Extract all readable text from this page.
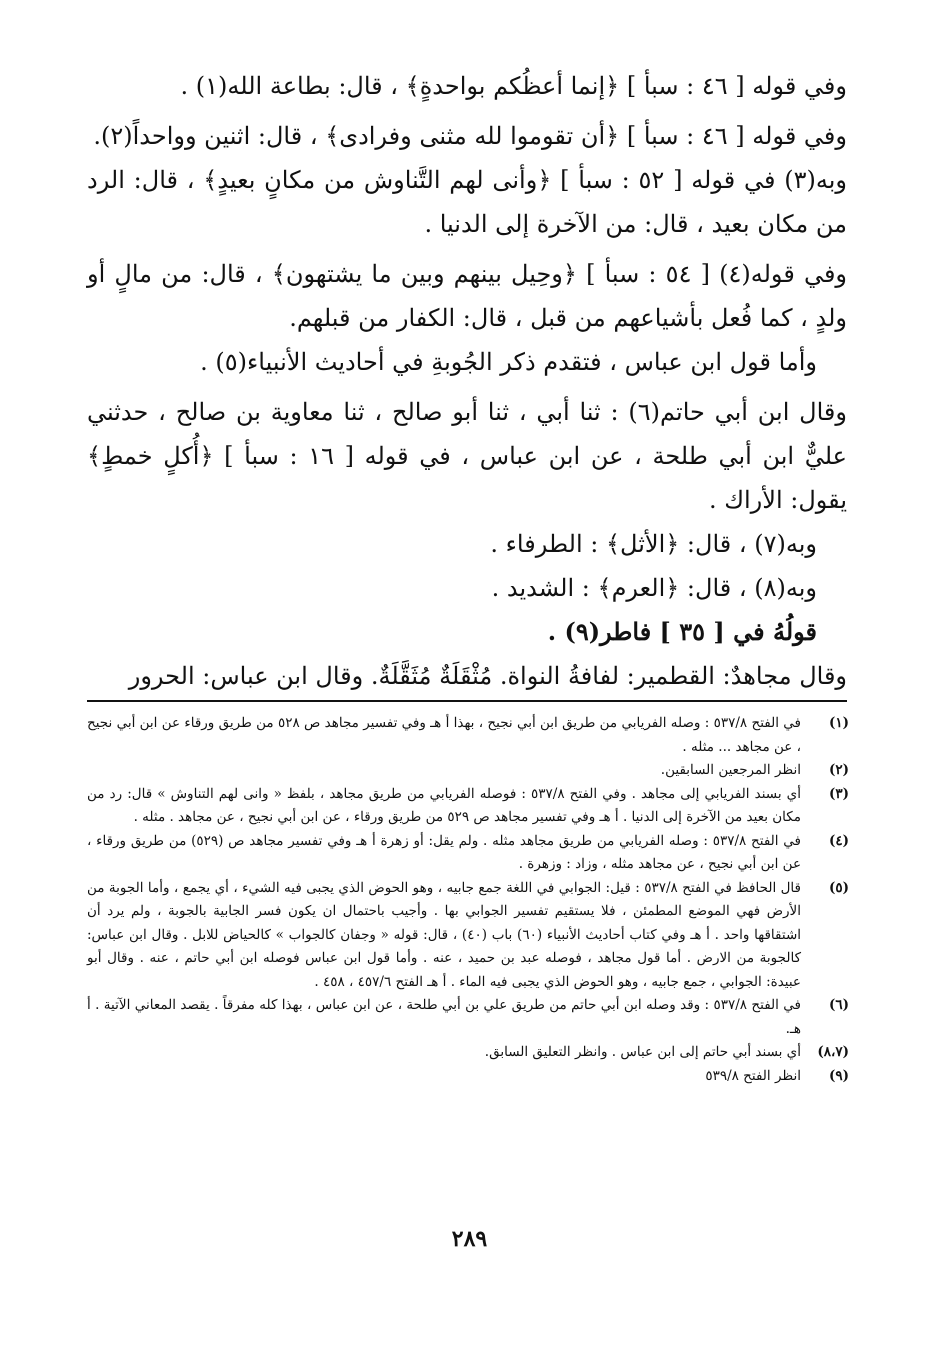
وفي قوله [ ٤٦ : سبأ ] ﴿إنما أعظُكم بواحدةٍ﴾ ، قال: بطاعة الله(١) .

وفي قوله [ ٤٦ : سبأ ] ﴿أن تقوموا لله مثنى وفرادى﴾ ، قال: اثنين وواحداً(٢).

وبه(٣) في قوله [ ٥٢ : سبأ ] ﴿وأنى لهم التَّناوش من مكانٍ بعيدٍ﴾ ، قال: الرد من مكان بعيد ، قال: من الآخرة إلى الدنيا .

وفي قوله(٤) [ ٥٤ : سبأ ] ﴿وحِيل بينهم وبين ما يشتهون﴾ ، قال: من مالٍ أو ولدٍ ، كما فُعل بأشياعهم من قبل ، قال: الكفار من قبلهم.

وأما قول ابن عباس ، فتقدم ذكر الجُوبةِ في أحاديث الأنبياء(٥) .

وقال ابن أبي حاتم(٦) : ثنا أبي ، ثنا أبو صالح ، ثنا معاوية بن صالح ، حدثني عليٌّ ابن أبي طلحة ، عن ابن عباس ، في قوله [ ١٦ : سبأ ] ﴿أُكلٍ خمطٍ﴾ يقول: الأراك .

وبه(٧) ، قال: ﴿الأثل﴾ : الطرفاء .

وبه(٨) ، قال: ﴿العرم﴾ : الشديد .

قولُهُ في [ ٣٥ ] فاطر(٩) .

وقال مجاهدٌ: القطمير: لفافةُ النواة. مُثْقَلَةٌ مُثَقَّلَةٌ. وقال ابن عباس: الحرور

(١)
في الفتح ٥٣٧/٨ : وصله الفريابي من طريق ابن أبي نجيح ، بهذا أ هـ وفي تفسير مجاهد ص ٥٢٨ من طريق ورقاء عن ابن أبي نجيح ، عن مجاهد ... مثله .
(٢)
انظر المرجعين السابقين.
(٣)
أي بسند الفريابي إلى مجاهد . وفي الفتح ٥٣٧/٨ : فوصله الفريابي من طريق مجاهد ، بلفظ « وانى لهم التناوش » قال: رد من مكان بعيد من الآخرة إلى الدنيا . أ هـ وفي تفسير مجاهد ص ٥٢٩ من طريق ورقاء ، عن ابن أبي نجيح ، عن مجاهد . مثله .
(٤)
في الفتح ٥٣٧/٨ : وصله الفريابي من طريق مجاهد مثله . ولم يقل: أو زهرة أ هـ وفي تفسير مجاهد ص (٥٢٩) من طريق ورقاء ، عن ابن أبي نجيح ، عن مجاهد مثله ، وزاد : وزهرة .
(٥)
قال الحافظ في الفتح ٥٣٧/٨ : قيل: الجوابي في اللغة جمع جابيه ، وهو الحوض الذي يجبى فيه الشيء ، أي يجمع ، وأما الجوبة من الأرض فهي الموضع المطمئن ، فلا يستقيم تفسير الجوابي بها . وأجيب باحتمال ان يكون فسر الجابية بالجوبة ، ولم يرد أن اشتقاقها واحد . أ هـ وفي كتاب أحاديث الأنبياء (٦٠) باب (٤٠) ، قال: قوله « وجفان كالجواب » كالحياض للابل . وقال ابن عباس: كالجوبة من الارض . أما قول مجاهد ، فوصله عبد بن حميد ، عنه . وأما قول ابن عباس فوصله ابن أبي حاتم ، عنه . وقال أبو عبيدة: الجوابي ، جمع جابيه ، وهو الحوض الذي يجبى فيه الماء . أ هـ الفتح ٤٥٧/٦ ، ٤٥٨ .
(٦)
في الفتح ٥٣٧/٨ : وقد وصله ابن أبي حاتم من طريق علي بن أبي طلحة ، عن ابن عباس ، بهذا كله مفرقاً . يقصد المعاني الآتية . أ هـ.
(٨،٧)
أي بسند أبي حاتم إلى ابن عباس . وانظر التعليق السابق.
(٩)
انظر الفتح ٥٣٩/٨
٢٨٩
